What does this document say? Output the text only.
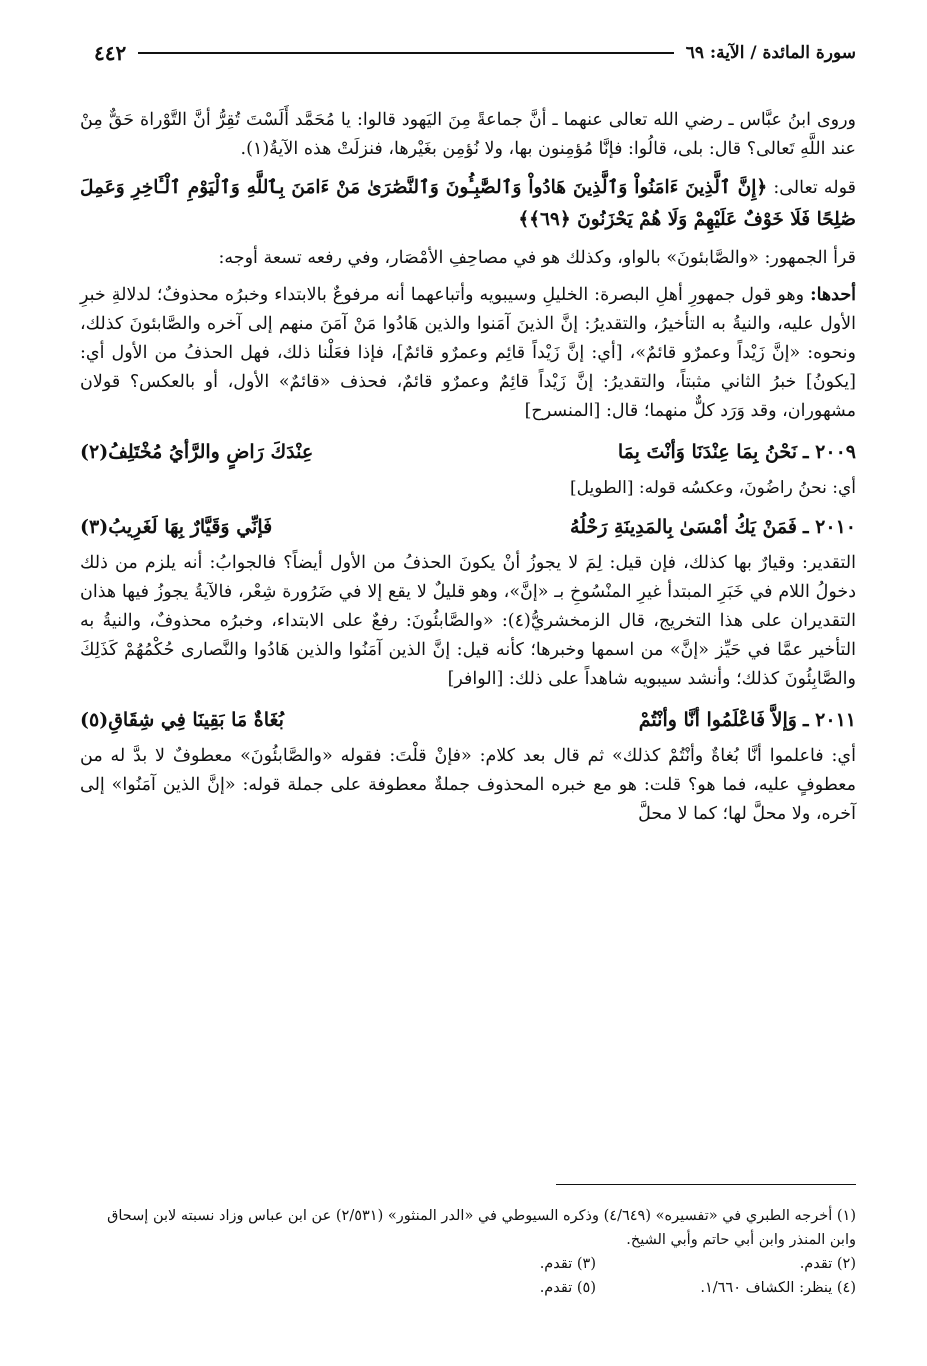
سورة المائدة / الآية: ٦٩
٤٤٢

وروى ابنُ عبَّاس ـ رضي الله تعالى عنهما ـ أنَّ جماعةً مِنَ اليَهود قالوا: يا مُحَمَّد أَلَسْتَ تُقِرُّ أنَّ التَّوْراة حَقٌّ مِنْ عند اللَّهِ تَعالى؟ قال: بلى، قالُوا: فإنَّا مُؤمِنون بها، ولا نُؤمِن بغَيْرها، فنزلَتْ هذه الآيةُ(١).

قوله تعالى: ﴿إِنَّ ٱلَّذِينَ ءَامَنُواْ وَٱلَّذِينَ هَادُواْ وَٱلصَّٰبِـُٔونَ وَٱلنَّصَٰرَىٰ مَنْ ءَامَنَ بِٱللَّهِ وَٱلْيَوْمِ ٱلْـَٔاخِرِ وَعَمِلَ صَٰلِحًا فَلَا خَوْفٌ عَلَيْهِمْ وَلَا هُمْ يَحْزَنُونَ ﴿٦٩﴾﴾

قرأ الجمهور: «والصَّابئونَ» بالواو، وكذلك هو في مصاحِفِ الأمْصَار، وفي رفعه تسعة أوجه:

أحدها: وهو قول جمهورِ أهلِ البصرة: الخليلِ وسيبويه وأتباعهما أنه مرفوعٌ بالابتداء وخبرُه محذوفٌ؛ لدلالةِ خبرِ الأول عليه، والنيةُ به التأخيرُ، والتقديرُ: إنَّ الذينَ آمَنوا والذين هَادُوا مَنْ آمَنَ منهم إلى آخره والصَّابئونَ كذلك، ونحوه: «إنَّ زَيْداً وعمرٌو قائمٌ»، [أي: إنَّ زَيْداً قائِم وعمرٌو قائمٌ]، فإذا فعَلْنا ذلك، فهل الحذفُ من الأول أي: [يكونُ] خبرُ الثاني مثبتاً، والتقديرُ: إنَّ زَيْداً قائِمٌ وعمرٌو قائمٌ، فحذف «قائمٌ» الأول، أو بالعكس؟ قولان مشهوران، وقد وَرَد كلٌّ منهما؛ قال: [المنسرح]

٢٠٠٩ ـ
نَحْنُ بِمَا عِنْدَنَا وَأنْتَ بِمَا
عِنْدَكَ رَاضٍ والرَّأيُ مُخْتَلِفُ(٢)

أي: نحنُ راضُونَ، وعكسُه قوله: [الطويل]

٢٠١٠ ـ
فَمَنْ يَكُ أمْسَىٰ بِالمَدِينَةِ رَحْلُهُ
فَإنِّي وَقَيَّارٌ بِهَا لَغَرِيبُ(٣)

التقدير: وقيارٌ بها كذلك، فإن قيل: لِمَ لا يجوزُ أنْ يكونَ الحذفُ من الأول أيضاً؟ فالجوابُ: أنه يلزم من ذلك دخولُ اللام في خَبَرِ المبتدأ غيرِ المنْسُوخِ بـ «إنَّ»، وهو قليلٌ لا يقع إلا في ضَرُورة شِعْر، فالآيةُ يجوزُ فيها هذان التقديران على هذا التخريج، قال الزمخشريُّ(٤): «والصَّابئُونَ: رفعٌ على الابتداء، وخبرُه محذوفٌ، والنيةُ به التأخير عمَّا في حَيِّز «إنَّ» من اسمها وخبرها؛ كأنه قيل: إنَّ الذين آمَنُوا والذين هَادُوا والنَّصارى حُكْمُهُمْ كَذَلِكَ والصَّابِئُونَ كذلك؛ وأنشد سيبويه شاهداً على ذلك: [الوافر]

٢٠١١ ـ
وَإلاَّ فَاعْلَمُوا أنَّا وأنْتُمْ
بُغَاةٌ مَا بَقِينَا فِي شِقَاقِ(٥)

أي: فاعلموا أنَّا بُغاةٌ وأنْتُمْ كذلك» ثم قال بعد كلام: «فإنْ قلْتَ: فقوله «والصَّابئُونَ» معطوفٌ لا بدَّ له من معطوفٍ عليه، فما هو؟ قلت: هو مع خبره المحذوف جملةٌ معطوفة على جملة قوله: «إنَّ الذين آمَنُوا» إلى آخره، ولا محلَّ لها؛ كما لا محلَّ

(١) أخرجه الطبري في «تفسيره» (٤/٦٤٩) وذكره السيوطي في «الدر المنثور» (٢/٥٣١) عن ابن عباس وزاد نسبته لابن إسحاق وابن المنذر وابن أبي حاتم وأبي الشيخ.
(٢) تقدم.
(٣) تقدم.
(٤) ينظر: الكشاف ١/٦٦٠.
(٥) تقدم.
